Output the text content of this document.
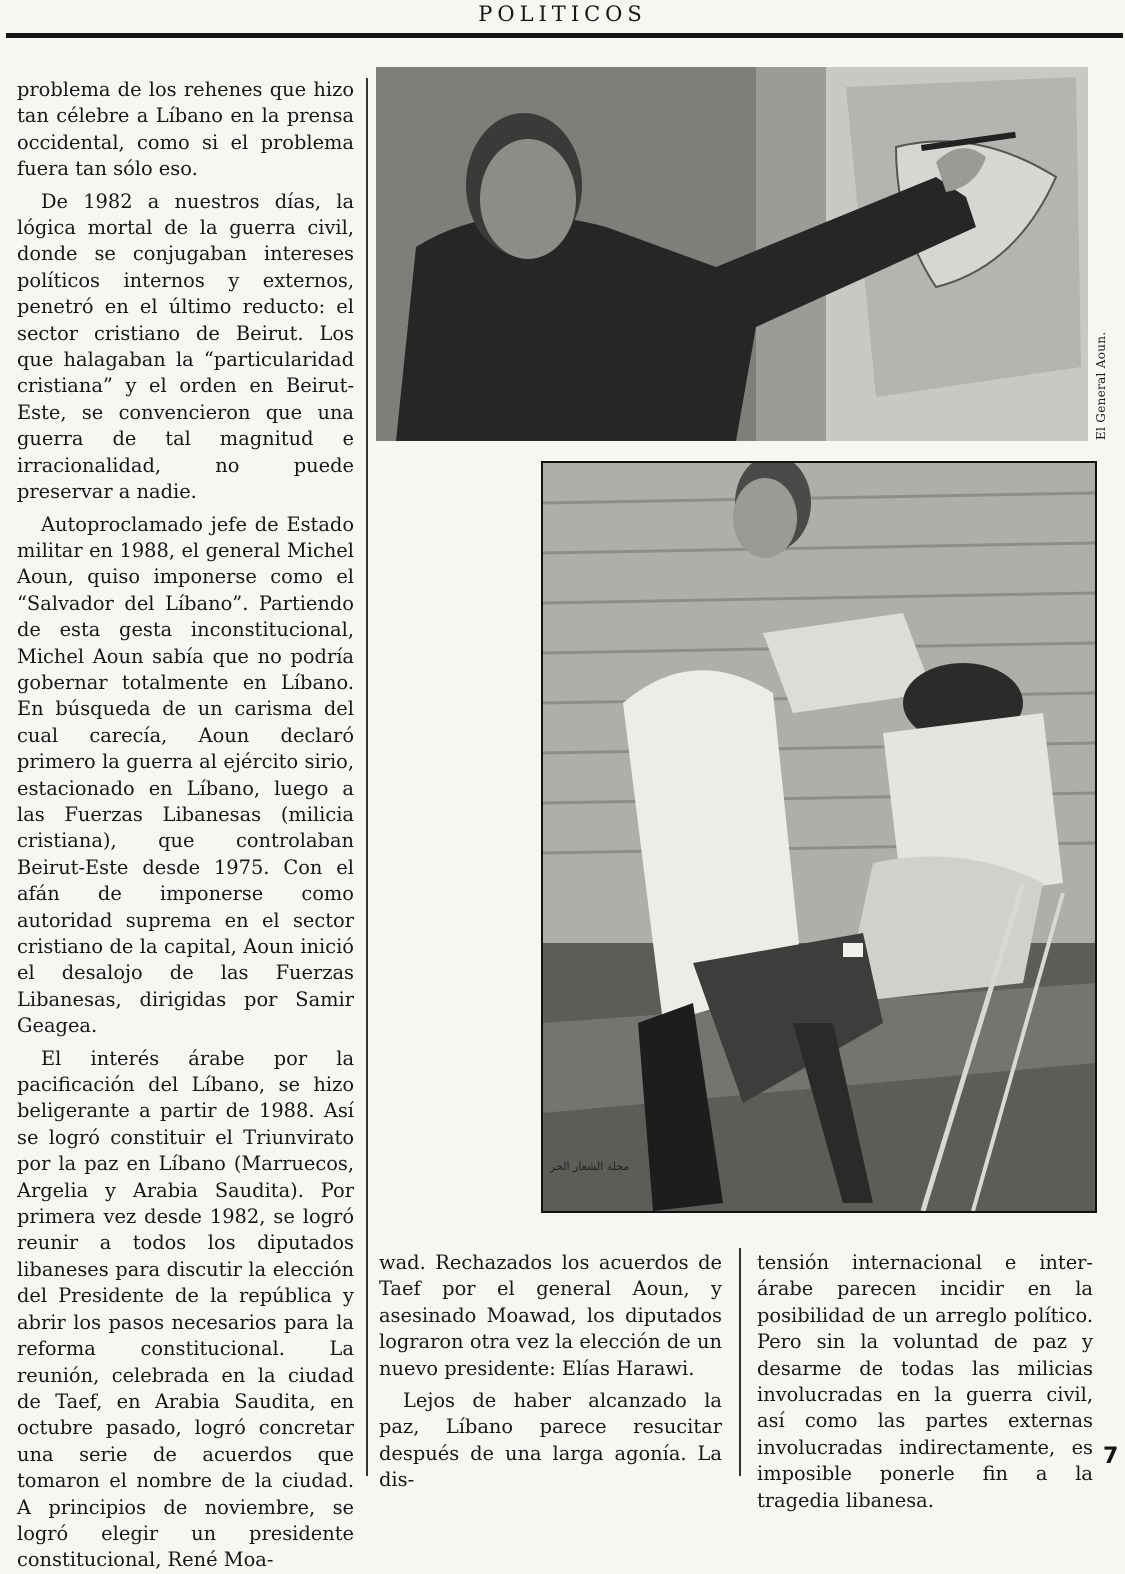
POLITICOS

problema de los rehenes que hizo tan célebre a Líbano en la prensa occidental, como si el problema fuera tan sólo eso.

De 1982 a nuestros días, la lógica mortal de la guerra civil, donde se conjugaban intereses políticos internos y externos, penetró en el último reducto: el sector cristiano de Beirut. Los que halagaban la “particularidad cristiana” y el orden en Beirut-Este, se convencieron que una guerra de tal magnitud e irracionalidad, no puede preservar a nadie.

Autoproclamado jefe de Estado militar en 1988, el general Michel Aoun, quiso imponerse como el “Salvador del Líbano”. Partiendo de esta gesta inconstitucional, Michel Aoun sabía que no podría gobernar totalmente en Líbano. En búsqueda de un carisma del cual carecía, Aoun declaró primero la guerra al ejército sirio, estacionado en Líbano, luego a las Fuerzas Libanesas (milicia cristiana), que controlaban Beirut-Este desde 1975. Con el afán de imponerse como autoridad suprema en el sector cristiano de la capital, Aoun inició el desalojo de las Fuerzas Libanesas, dirigidas por Samir Geagea.

El interés árabe por la pacificación del Líbano, se hizo beligerante a partir de 1988. Así se logró constituir el Triunvirato por la paz en Líbano (Marruecos, Argelia y Arabia Saudita). Por primera vez desde 1982, se logró reunir a todos los diputados libaneses para discutir la elección del Presidente de la república y abrir los pasos necesarios para la reforma constitucional. La reunión, celebrada en la ciudad de Taef, en Arabia Saudita, en octubre pasado, logró concretar una serie de acuerdos que tomaron el nombre de la ciudad. A principios de noviembre, se logró elegir un presidente constitucional, René Moa-

wad. Rechazados los acuerdos de Taef por el general Aoun, y asesinado Moawad, los diputados lograron otra vez la elección de un nuevo presidente: Elías Harawi.

Lejos de haber alcanzado la paz, Líbano parece resucitar después de una larga agonía. La dis-

tensión internacional e inter-árabe parecen incidir en la posibilidad de un arreglo político. Pero sin la voluntad de paz y desarme de todas las milicias involucradas en la guerra civil, así como las partes externas involucradas indirectamente, es imposible ponerle fin a la tragedia libanesa.

El General Aoun.
مجلة الشعار الحر
7
